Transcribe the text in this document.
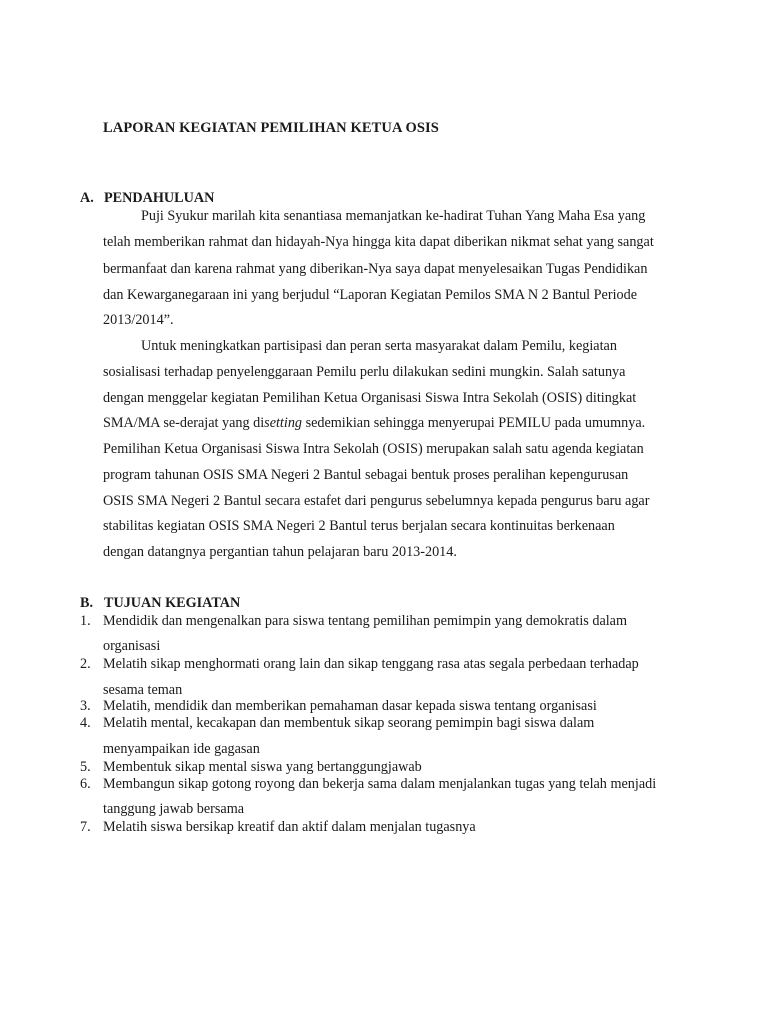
LAPORAN KEGIATAN PEMILIHAN KETUA OSIS
A. PENDAHULUAN
Puji Syukur marilah kita senantiasa memanjatkan ke-hadirat Tuhan Yang Maha Esa yang
telah memberikan rahmat dan hidayah-Nya hingga kita dapat diberikan nikmat sehat yang sangat
bermanfaat dan karena rahmat yang diberikan-Nya saya dapat menyelesaikan Tugas Pendidikan
dan Kewarganegaraan ini yang berjudul “Laporan Kegiatan Pemilos SMA N 2 Bantul Periode
2013/2014”.
Untuk meningkatkan partisipasi dan peran serta masyarakat dalam Pemilu, kegiatan
sosialisasi terhadap penyelenggaraan Pemilu perlu dilakukan sedini mungkin. Salah satunya
dengan menggelar kegiatan Pemilihan Ketua Organisasi Siswa Intra Sekolah (OSIS) ditingkat
SMA/MA se-derajat yang disetting sedemikian sehingga menyerupai PEMILU pada umumnya.
Pemilihan Ketua Organisasi Siswa Intra Sekolah (OSIS) merupakan salah satu agenda kegiatan
program tahunan OSIS SMA Negeri 2 Bantul sebagai bentuk proses peralihan kepengurusan
OSIS SMA Negeri 2 Bantul secara estafet dari pengurus sebelumnya kepada pengurus baru agar
stabilitas kegiatan OSIS SMA Negeri 2 Bantul terus berjalan secara kontinuitas berkenaan
dengan datangnya pergantian tahun pelajaran baru 2013-2014.
B. TUJUAN KEGIATAN
1. Mendidik dan mengenalkan para siswa tentang pemilihan pemimpin yang demokratis dalam
organisasi
2. Melatih sikap menghormati orang lain dan sikap tenggang rasa atas segala perbedaan terhadap
sesama teman
3. Melatih, mendidik dan memberikan pemahaman dasar kepada siswa tentang organisasi
4. Melatih mental, kecakapan dan membentuk sikap seorang pemimpin bagi siswa dalam
menyampaikan ide gagasan
5. Membentuk sikap mental siswa yang bertanggungjawab
6. Membangun sikap gotong royong dan bekerja sama dalam menjalankan tugas yang telah menjadi
tanggung jawab bersama
7. Melatih siswa bersikap kreatif dan aktif dalam menjalan tugasnya
